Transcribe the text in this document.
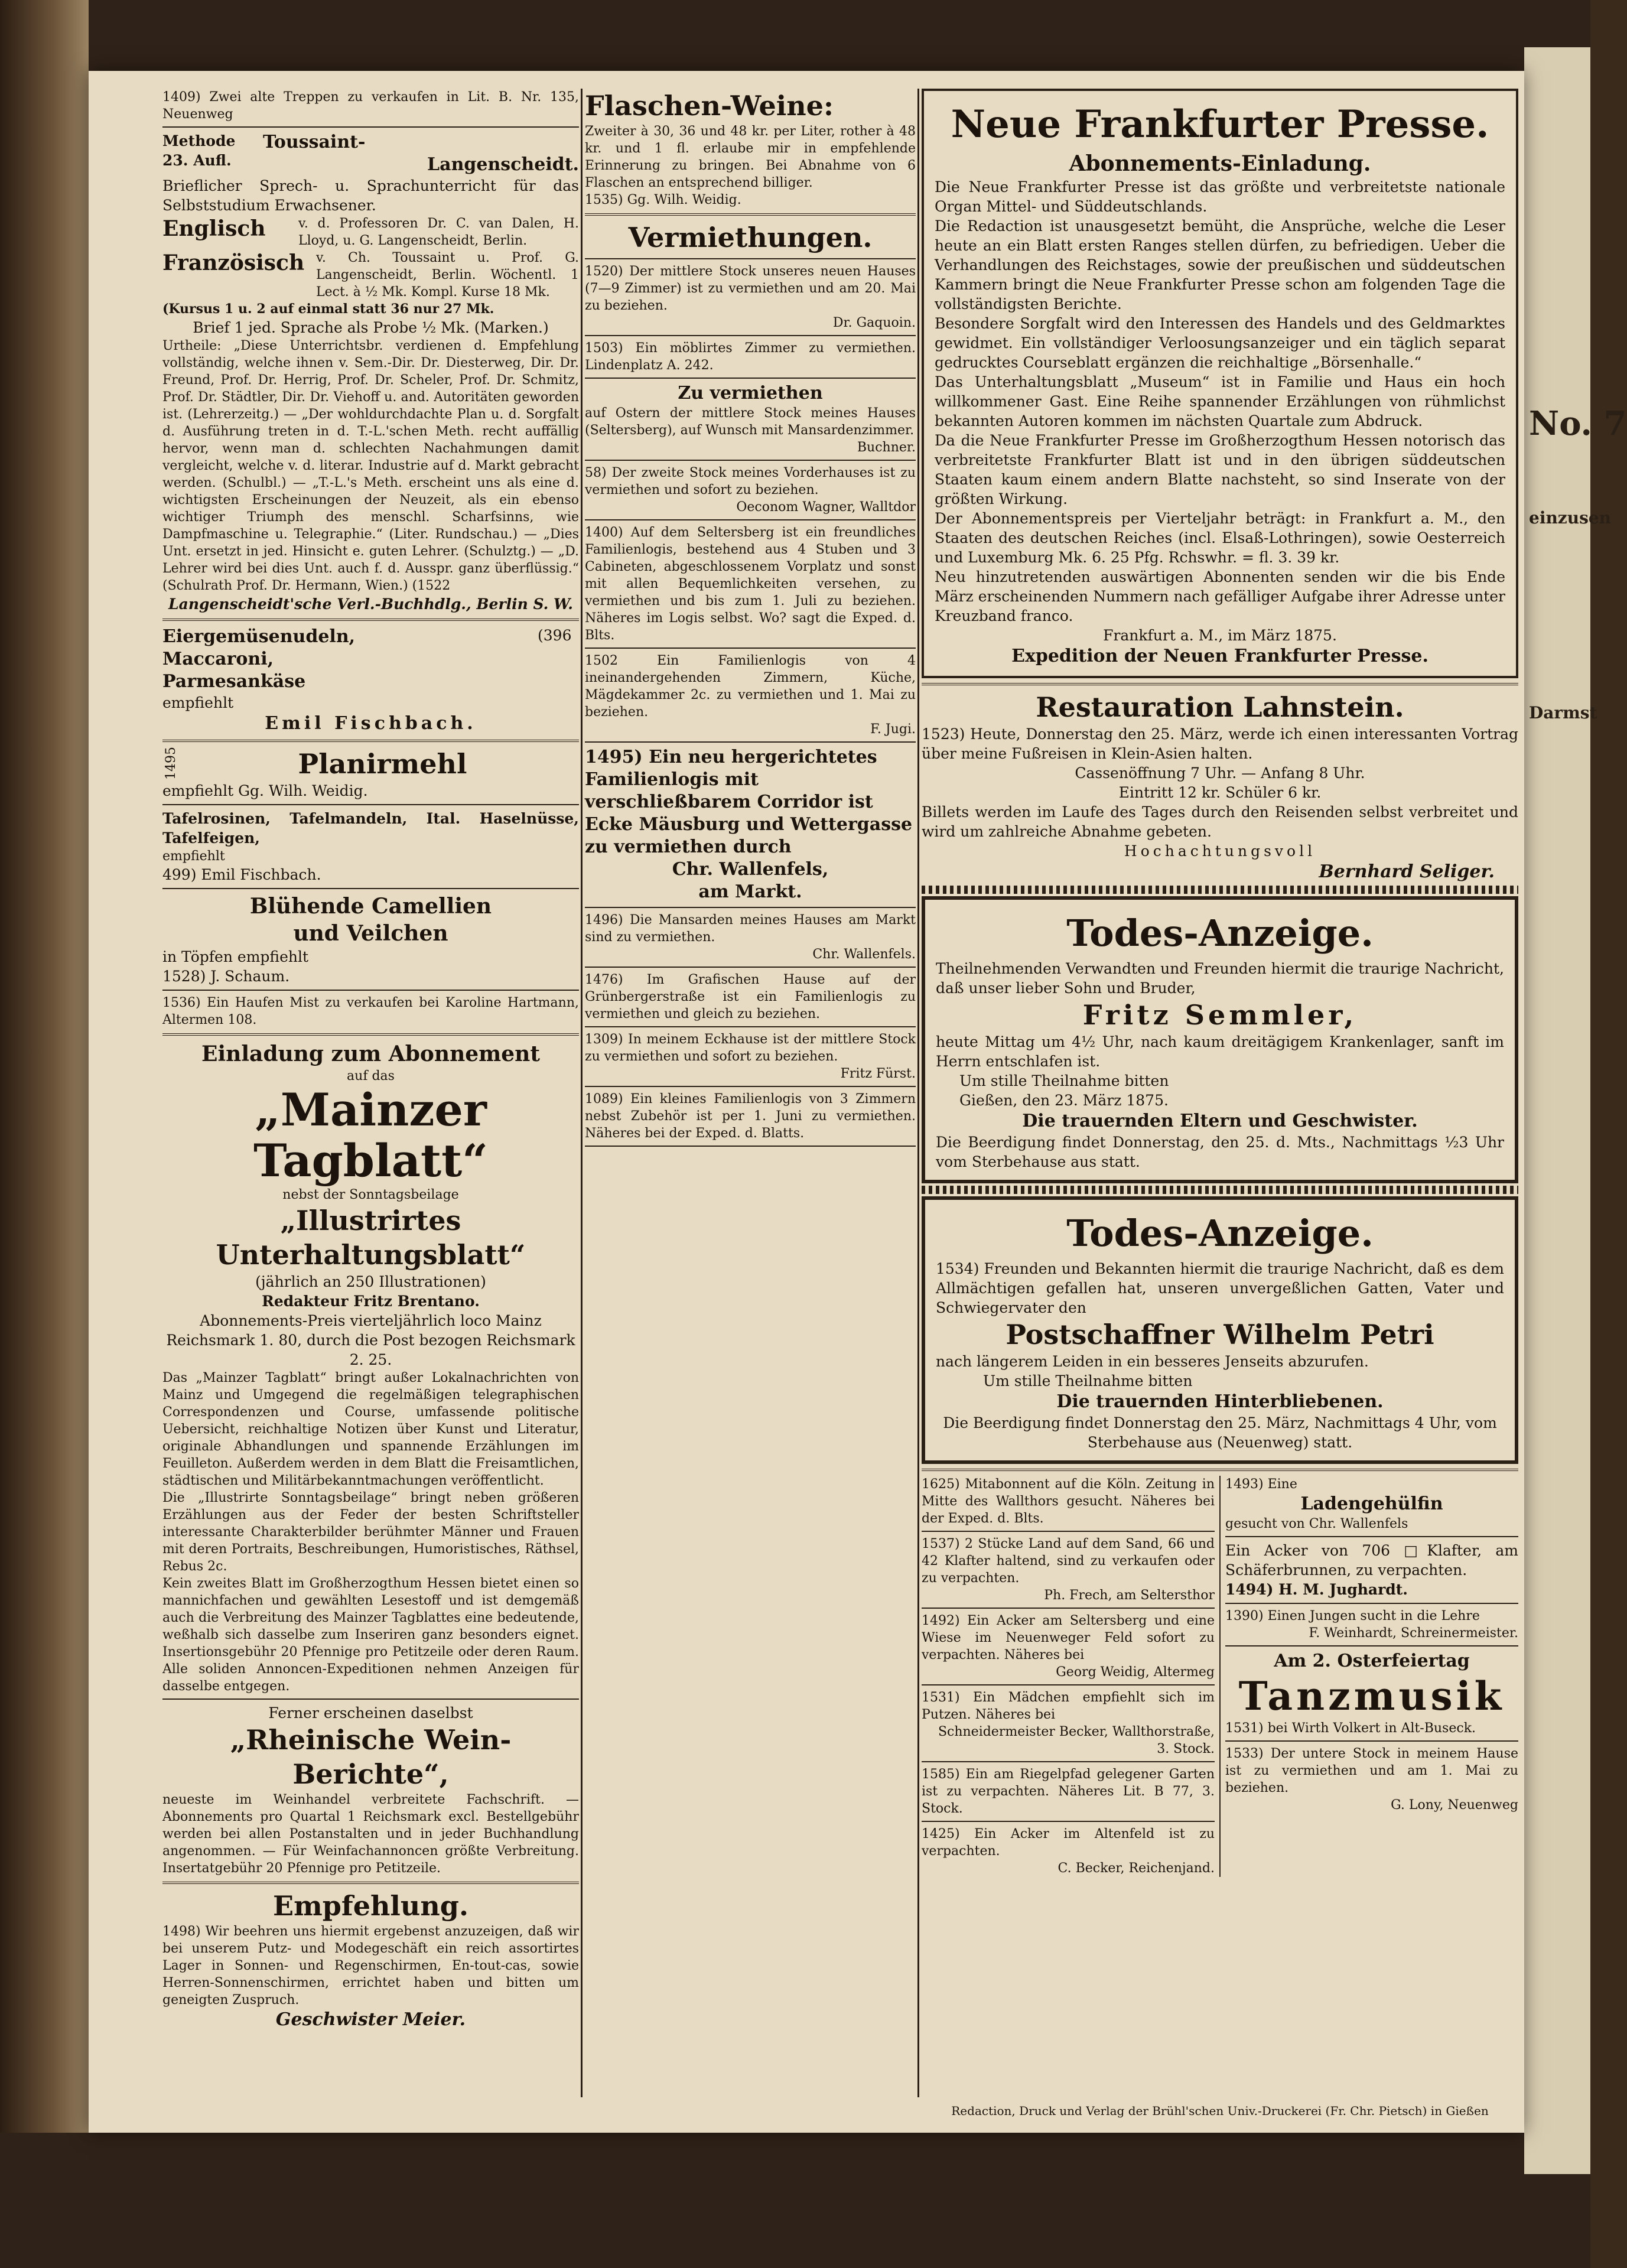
No. 7
einzusen
Darmst

1409) Zwei alte Treppen zu verkaufen in Lit. B. Nr. 135, Neuenweg

Methode

23. Aufl.

Toussaint-

Langenscheidt.

Brieflicher Sprech- u. Sprachunterricht für das Selbststudium Erwachsener.

Englisch	v. d. Professoren Dr. C. van Dalen, H. Lloyd, u. G. Langenscheidt, Berlin.

Französisch v. Ch. Toussaint u. Prof. G. Langenscheidt, Berlin. Wöchentl. 1 Lect. à ½ Mk. Kompl. Kurse 18 Mk.

(Kursus 1 u. 2 auf einmal statt 36 nur 27 Mk.

Brief 1 jed. Sprache als Probe ½ Mk. (Marken.)

Urtheile: „Diese Unterrichtsbr. verdienen d. Empfehlung vollständig, welche ihnen v. Sem.-Dir. Dr. Diesterweg, Dir. Dr. Freund, Prof. Dr. Herrig, Prof. Dr. Scheler, Prof. Dr. Schmitz, Prof. Dr. Städtler, Dir. Dr. Viehoff u. and. Autoritäten geworden ist. (Lehrerzeitg.) — „Der wohldurchdachte Plan u. d. Sorgfalt d. Ausführung treten in d. T.-L.'schen Meth. recht auffällig hervor, wenn man d. schlechten Nachahmungen damit vergleicht, welche v. d. literar. Industrie auf d. Markt gebracht werden. (Schulbl.) — „T.-L.'s Meth. erscheint uns als eine d. wichtigsten Erscheinungen der Neuzeit, als ein ebenso wichtiger Triumph des menschl. Scharfsinns, wie Dampfmaschine u. Telegraphie.“ (Liter. Rundschau.) — „Dies Unt. ersetzt in jed. Hinsicht e. guten Lehrer. (Schulztg.) — „D. Lehrer wird bei dies Unt. auch f. d. Ausspr. ganz überflüssig.“ (Schulrath Prof. Dr. Hermann, Wien.) (1522

Langenscheidt'sche Verl.-Buchhdlg., Berlin S. W.

Eiergemüsenudeln,	(396

Maccaroni,

Parmesankäse

empfiehlt

Emil Fischbach.

1495	Planirmehl

empfiehlt Gg. Wilh. Weidig.

Tafelrosinen, Tafelmandeln, Ital. Haselnüsse, Tafelfeigen,

empfiehlt

499) Emil Fischbach.

Blühende Camellien

und Veilchen

in Töpfen empfiehlt

1528) J. Schaum.

1536) Ein Haufen Mist zu verkaufen bei Karoline Hartmann, Altermen 108.

Einladung zum Abonnement

auf das

„Mainzer Tagblatt“

nebst der Sonntagsbeilage

„Illustrirtes Unterhaltungsblatt“

(jährlich an 250 Illustrationen)

Redakteur Fritz Brentano.

Abonnements-Preis vierteljährlich loco Mainz Reichsmark 1. 80, durch die Post bezogen Reichsmark 2. 25.

Das „Mainzer Tagblatt“ bringt außer Lokalnachrichten von Mainz und Umgegend die regelmäßigen telegraphischen Correspondenzen und Course, umfassende politische Uebersicht, reichhaltige Notizen über Kunst und Literatur, originale Abhandlungen und spannende Erzählungen im Feuilleton. Außerdem werden in dem Blatt die Freisamtlichen, städtischen und Militärbekanntmachungen veröffentlicht.

Die „Illustrirte Sonntagsbeilage“ bringt neben größeren Erzählungen aus der Feder der besten Schriftsteller interessante Charakterbilder berühmter Männer und Frauen mit deren Portraits, Beschreibungen, Humoristisches, Räthsel, Rebus 2c.

Kein zweites Blatt im Großherzogthum Hessen bietet einen so mannichfachen und gewählten Lesestoff und ist demgemäß auch die Verbreitung des Mainzer Tagblattes eine bedeutende, weßhalb sich dasselbe zum Inseriren ganz besonders eignet. Insertionsgebühr 20 Pfennige pro Petitzeile oder deren Raum. Alle soliden Annoncen-Expeditionen nehmen Anzeigen für dasselbe entgegen.

Ferner erscheinen daselbst

„Rheinische Wein-Berichte“,

neueste im Weinhandel verbreitete Fachschrift. — Abonnements pro Quartal 1 Reichsmark excl. Bestellgebühr werden bei allen Postanstalten und in jeder Buchhandlung angenommen. — Für Weinfachannoncen größte Verbreitung. Insertatgebühr 20 Pfennige pro Petitzeile.

Empfehlung.

1498) Wir beehren uns hiermit ergebenst anzuzeigen, daß wir bei unserem Putz- und Modegeschäft ein reich assortirtes Lager in Sonnen- und Regenschirmen, En-tout-cas, sowie Herren-Sonnenschirmen, errichtet haben und bitten um geneigten Zuspruch.

Geschwister Meier.

Flaschen-Weine:

Zweiter à 30, 36 und 48 kr. per Liter, rother à 48 kr. und 1 fl. erlaube mir in empfehlende Erinnerung zu bringen. Bei Abnahme von 6 Flaschen an entsprechend billiger.

1535) Gg. Wilh. Weidig.

Vermiethungen.

1520) Der mittlere Stock unseres neuen Hauses (7—9 Zimmer) ist zu vermiethen und am 20. Mai zu beziehen.

Dr. Gaquoin.

1503) Ein möblirtes Zimmer zu vermiethen. Lindenplatz A. 242.

Zu vermiethen

auf Ostern der mittlere Stock meines Hauses (Seltersberg), auf Wunsch mit Mansardenzimmer.

Buchner.

58) Der zweite Stock meines Vorderhauses ist zu vermiethen und sofort zu beziehen.

Oeconom Wagner, Walltdor

1400) Auf dem Seltersberg ist ein freundliches Familienlogis, bestehend aus 4 Stuben und 3 Cabineten, abgeschlossenem Vorplatz und sonst mit allen Bequemlichkeiten versehen, zu vermiethen und bis zum 1. Juli zu beziehen. Näheres im Logis selbst. Wo? sagt die Exped. d. Blts.

1502 Ein Familienlogis von 4 ineinandergehenden Zimmern, Küche, Mägdekammer 2c. zu vermiethen und 1. Mai zu beziehen.

F. Jugi.

1495) Ein neu hergerichtetes Familienlogis mit verschließbarem Corridor ist Ecke Mäusburg und Wettergasse zu vermiethen durch

Chr. Wallenfels,

am Markt.

1496) Die Mansarden meines Hauses am Markt sind zu vermiethen.

Chr. Wallenfels.

1476) Im Grafischen Hause auf der Grünbergerstraße ist ein Familienlogis zu vermiethen und gleich zu beziehen.

1309) In meinem Eckhause ist der mittlere Stock zu vermiethen und sofort zu beziehen.

Fritz Fürst.

1089) Ein kleines Familienlogis von 3 Zimmern nebst Zubehör ist per 1. Juni zu vermiethen. Näheres bei der Exped. d. Blatts.

Neue Frankfurter Presse.

Abonnements-Einladung.

Die Neue Frankfurter Presse ist das größte und verbreitetste nationale Organ Mittel- und Süddeutschlands.

Die Redaction ist unausgesetzt bemüht, die Ansprüche, welche die Leser heute an ein Blatt ersten Ranges stellen dürfen, zu befriedigen. Ueber die Verhandlungen des Reichstages, sowie der preußischen und süddeutschen Kammern bringt die Neue Frankfurter Presse schon am folgenden Tage die vollständigsten Berichte.

Besondere Sorgfalt wird den Interessen des Handels und des Geldmarktes gewidmet. Ein vollständiger Verloosungsanzeiger und ein täglich separat gedrucktes Courseblatt ergänzen die reichhaltige „Börsenhalle.“

Das Unterhaltungsblatt „Museum“ ist in Familie und Haus ein hoch willkommener Gast. Eine Reihe spannender Erzählungen von rühmlichst bekannten Autoren kommen im nächsten Quartale zum Abdruck.

Da die Neue Frankfurter Presse im Großherzogthum Hessen notorisch das verbreitetste Frankfurter Blatt ist und in den übrigen süddeutschen Staaten kaum einem andern Blatte nachsteht, so sind Inserate von der größten Wirkung.

Der Abonnementspreis per Vierteljahr beträgt: in Frankfurt a. M., den Staaten des deutschen Reiches (incl. Elsaß-Lothringen), sowie Oesterreich und Luxemburg Mk. 6. 25 Pfg. Rchswhr. = fl. 3. 39 kr.

Neu hinzutretenden auswärtigen Abonnenten senden wir die bis Ende März erscheinenden Nummern nach gefälliger Aufgabe ihrer Adresse unter Kreuzband franco.

Frankfurt a. M., im März 1875.

Expedition der Neuen Frankfurter Presse.

Restauration Lahnstein.

1523) Heute, Donnerstag den 25. März, werde ich einen interessanten Vortrag über meine Fußreisen in Klein-Asien halten.

Cassenöffnung 7 Uhr. — Anfang 8 Uhr.

Eintritt 12 kr. Schüler 6 kr.

Billets werden im Laufe des Tages durch den Reisenden selbst verbreitet und wird um zahlreiche Abnahme gebeten.

Hochachtungsvoll

Bernhard Seliger.

Todes-Anzeige.

Theilnehmenden Verwandten und Freunden hiermit die traurige Nachricht, daß unser lieber Sohn und Bruder,

Fritz Semmler,

heute Mittag um 4½ Uhr, nach kaum dreitägigem Krankenlager, sanft im Herrn entschlafen ist.

Um stille Theilnahme bitten

Gießen, den 23. März 1875.

Die trauernden Eltern und Geschwister.

Die Beerdigung findet Donnerstag, den 25. d. Mts., Nachmittags ½3 Uhr vom Sterbehause aus statt.

Todes-Anzeige.

1534) Freunden und Bekannten hiermit die traurige Nachricht, daß es dem Allmächtigen gefallen hat, unseren unvergeßlichen Gatten, Vater und Schwiegervater den

Postschaffner Wilhelm Petri

nach längerem Leiden in ein besseres Jenseits abzurufen.

Um stille Theilnahme bitten

Die trauernden Hinterbliebenen.

Die Beerdigung findet Donnerstag den 25. März, Nachmittags 4 Uhr, vom Sterbehause aus (Neuenweg) statt.

1625) Mitabonnent auf die Köln. Zeitung in Mitte des Wallthors gesucht. Näheres bei der Exped. d. Blts.

1537) 2 Stücke Land auf dem Sand, 66 und 42 Klafter haltend, sind zu verkaufen oder zu verpachten.

Ph. Frech, am Seltersthor

1492) Ein Acker am Seltersberg und eine Wiese im Neuenweger Feld sofort zu verpachten. Näheres bei

Georg Weidig, Altermeg

1531) Ein Mädchen empfiehlt sich im Putzen. Näheres bei

Schneidermeister Becker, Wallthorstraße, 3. Stock.

1585) Ein am Riegelpfad gelegener Garten ist zu verpachten. Näheres Lit. B 77, 3. Stock.

1425) Ein Acker im Altenfeld ist zu verpachten.

C. Becker, Reichenjand.

1493) Eine

Ladengehülfin

gesucht von Chr. Wallenfels

Ein Acker von 706 □Klafter, am Schäferbrunnen, zu verpachten.

1494) H. M. Jughardt.

1390) Einen Jungen sucht in die Lehre

F. Weinhardt, Schreinermeister.

Am 2. Osterfeiertag

Tanzmusik

1531) bei Wirth Volkert in Alt-Buseck.

1533) Der untere Stock in meinem Hause ist zu vermiethen und am 1. Mai zu beziehen.

G. Lony, Neuenweg

Redaction, Druck und Verlag der Brühl'schen Univ.-Druckerei (Fr. Chr. Pietsch) in Gießen
